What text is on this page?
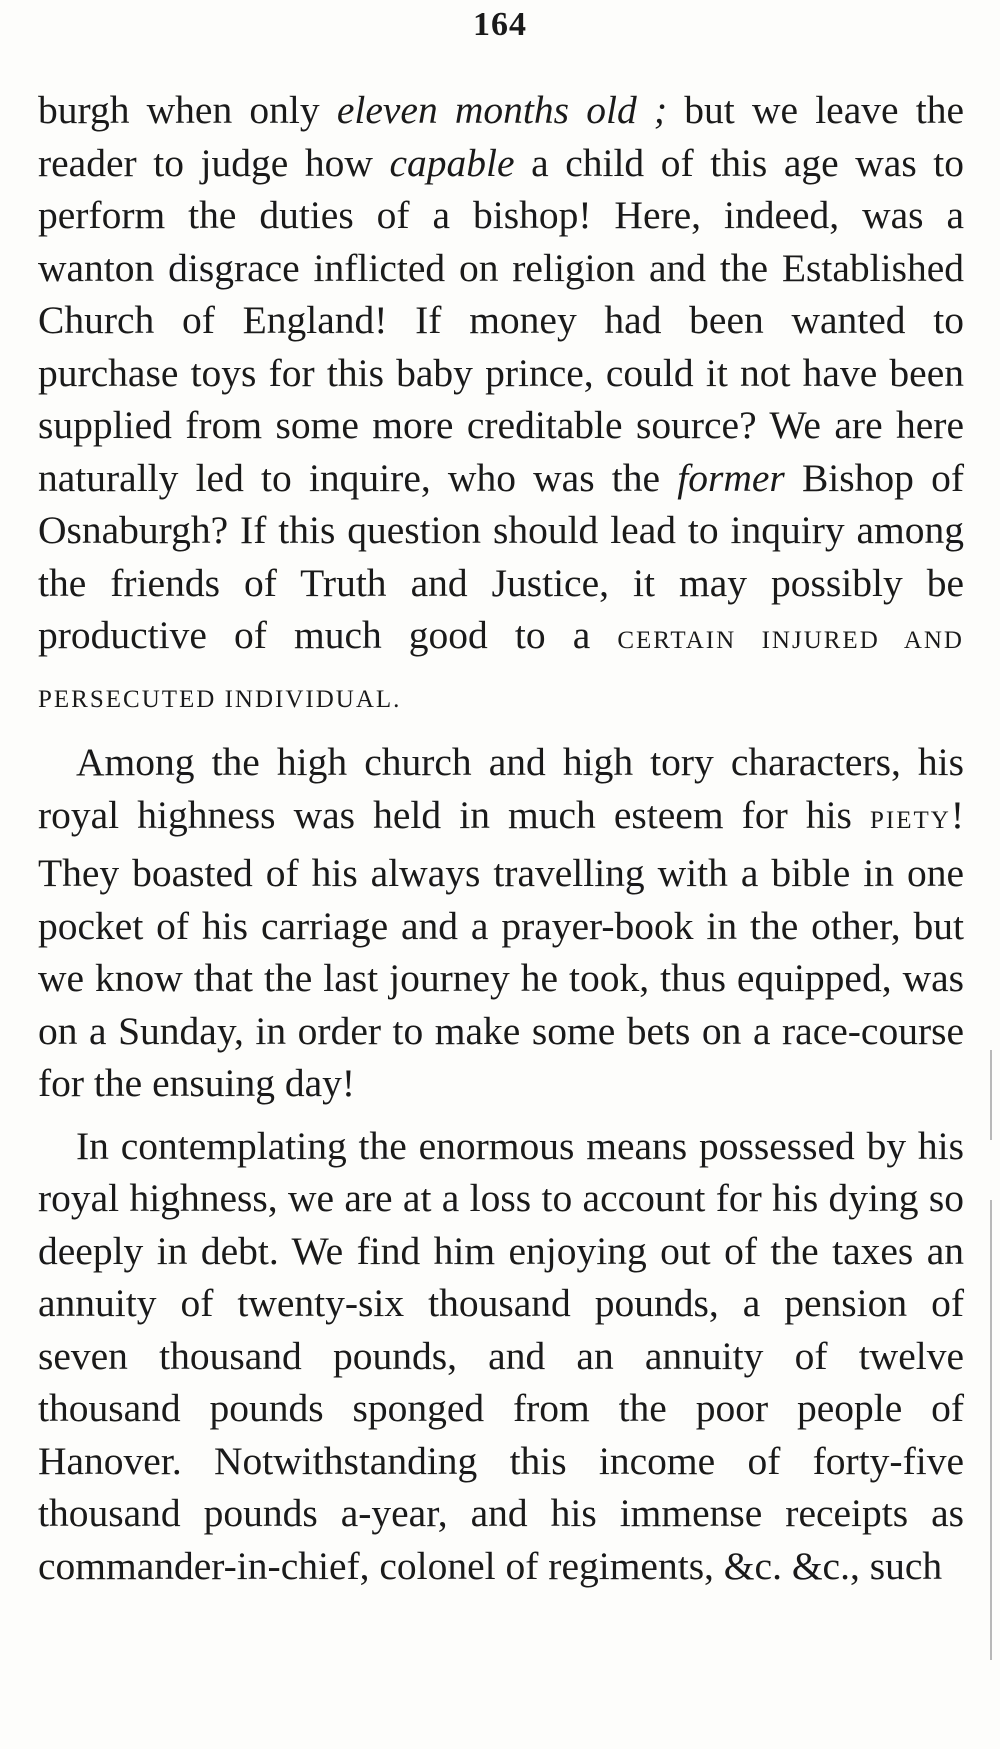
164

burgh when only eleven months old ; but we leave the reader to judge how capable a child of this age was to perform the duties of a bishop! Here, indeed, was a wanton disgrace inflicted on religion and the Established Church of England! If money had been wanted to purchase toys for this baby prince, could it not have been supplied from some more creditable source? We are here naturally led to inquire, who was the former Bishop of Osnaburgh? If this question should lead to inquiry among the friends of Truth and Justice, it may possibly be productive of much good to a CERTAIN INJURED AND PERSECUTED INDIVIDUAL.

Among the high church and high tory characters, his royal highness was held in much esteem for his PIETY! They boasted of his always travelling with a bible in one pocket of his carriage and a prayer-book in the other, but we know that the last journey he took, thus equipped, was on a Sunday, in order to make some bets on a race-course for the ensuing day!

In contemplating the enormous means possessed by his royal highness, we are at a loss to account for his dying so deeply in debt. We find him enjoying out of the taxes an annuity of twenty-six thousand pounds, a pension of seven thousand pounds, and an annuity of twelve thousand pounds sponged from the poor people of Hanover. Notwithstanding this income of forty-five thousand pounds a-year, and his immense receipts as commander-in-chief, colonel of regiments, &c. &c., such
